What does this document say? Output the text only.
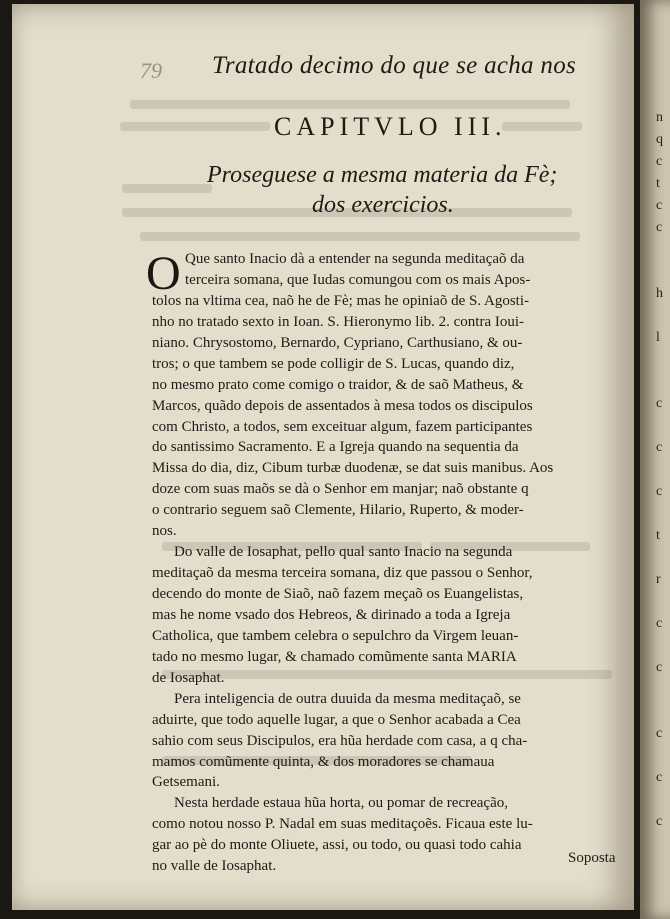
79 Tratado decimo do que se acha nos
CAPITVLO III.
Proseguese a mesma materia da Fè;
dos exercicios.
O Que santo Inacio dà a entender na segunda meditaçaõ da
terceira somana, que Iudas comungou com os mais Apos-
tolos na vltima cea, naõ he de Fè; mas he opiniaõ de S. Agosti-
nho no tratado sexto in Ioan. S. Hieronymo lib. 2. contra Ioui-
niano. Chrysostomo, Bernardo, Cypriano, Carthusiano, & ou-
tros; o que tambem se pode colligir de S. Lucas, quando diz,
no mesmo prato come comigo o traidor, & de saõ Matheus, &
Marcos, quãdo depois de assentados à mesa todos os discipulos
com Christo, a todos, sem exceituar algum, fazem participantes
do santissimo Sacramento. E a Igreja quando na sequentia da
Missa do dia, diz, Cibum turbæ duodenæ, se dat suis manibus. Aos
doze com suas maõs se dà o Senhor em manjar; naõ obstante q
o contrario seguem saõ Clemente, Hilario, Ruperto, & moder-
nos.
Do valle de Iosaphat, pello qual santo Inacio na segunda
meditaçaõ da mesma terceira somana, diz que passou o Senhor,
decendo do monte de Siaõ, naõ fazem meçaõ os Euangelistas,
mas he nome vsado dos Hebreos, & dirinado a toda a Igreja
Catholica, que tambem celebra o sepulchro da Virgem leuan-
tado no mesmo lugar, & chamado comũmente santa MARIA
de Iosaphat.
Pera inteligencia de outra duuida da mesma meditaçaõ, se
aduirte, que todo aquelle lugar, a que o Senhor acabada a Cea
sahio com seus Discipulos, era hũa herdade com casa, a q cha-
mamos comũmente quinta, & dos moradores se chamaua
Getsemani.
Nesta herdade estaua hũa horta, ou pomar de recreação,
como notou nosso P. Nadal em suas meditaçoẽs. Ficaua este lu-
gar ao pè do monte Oliuete, assi, ou todo, ou quasi todo cahia
no valle de Iosaphat.
Soposta
n
q
c
t
c
c
h
l
c
c
c
t
r
c
c
c
c
c
